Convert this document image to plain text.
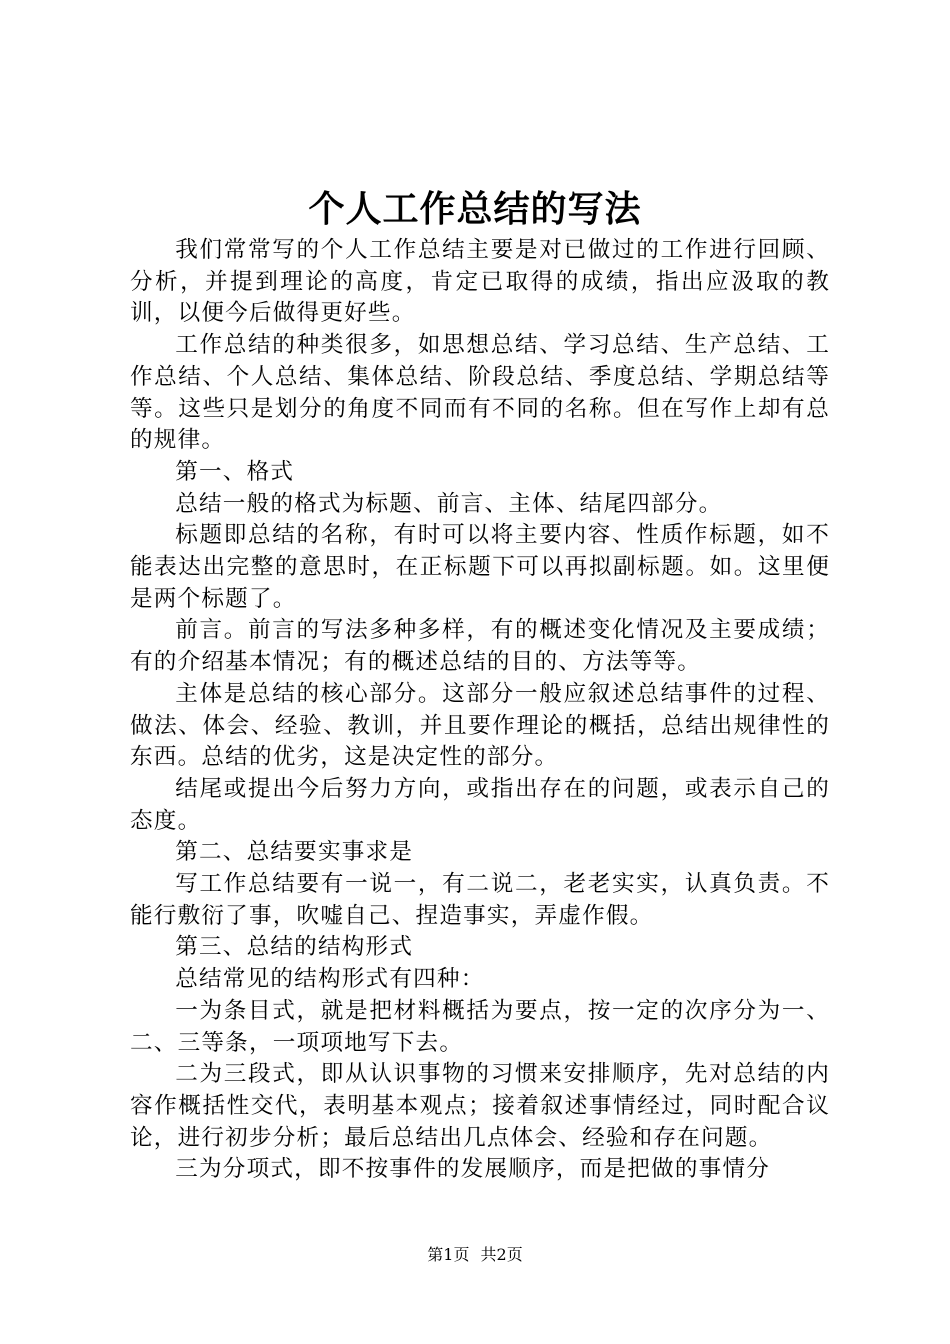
个人工作总结的写法

我们常常写的个人工作总结主要是对已做过的工作进行回顾、分析，并提到理论的高度，肯定已取得的成绩，指出应汲取的教训，以便今后做得更好些。

工作总结的种类很多，如思想总结、学习总结、生产总结、工作总结、个人总结、集体总结、阶段总结、季度总结、学期总结等等。这些只是划分的角度不同而有不同的名称。但在写作上却有总的规律。

第一、格式

总结一般的格式为标题、前言、主体、结尾四部分。

标题即总结的名称，有时可以将主要内容、性质作标题，如不能表达出完整的意思时，在正标题下可以再拟副标题。如。这里便是两个标题了。

前言。前言的写法多种多样，有的概述变化情况及主要成绩；有的介绍基本情况；有的概述总结的目的、方法等等。

主体是总结的核心部分。这部分一般应叙述总结事件的过程、做法、体会、经验、教训，并且要作理论的概括，总结出规律性的东西。总结的优劣，这是决定性的部分。

结尾或提出今后努力方向，或指出存在的问题，或表示自己的态度。

第二、总结要实事求是

写工作总结要有一说一，有二说二，老老实实，认真负责。不能行敷衍了事，吹嘘自己、捏造事实，弄虚作假。

第三、总结的结构形式

总结常见的结构形式有四种：

一为条目式，就是把材料概括为要点，按一定的次序分为一、二、三等条，一项项地写下去。

二为三段式，即从认识事物的习惯来安排顺序，先对总结的内容作概括性交代，表明基本观点；接着叙述事情经过，同时配合议论，进行初步分析；最后总结出几点体会、经验和存在问题。

三为分项式，即不按事件的发展顺序，而是把做的事情分

第1页 共2页
